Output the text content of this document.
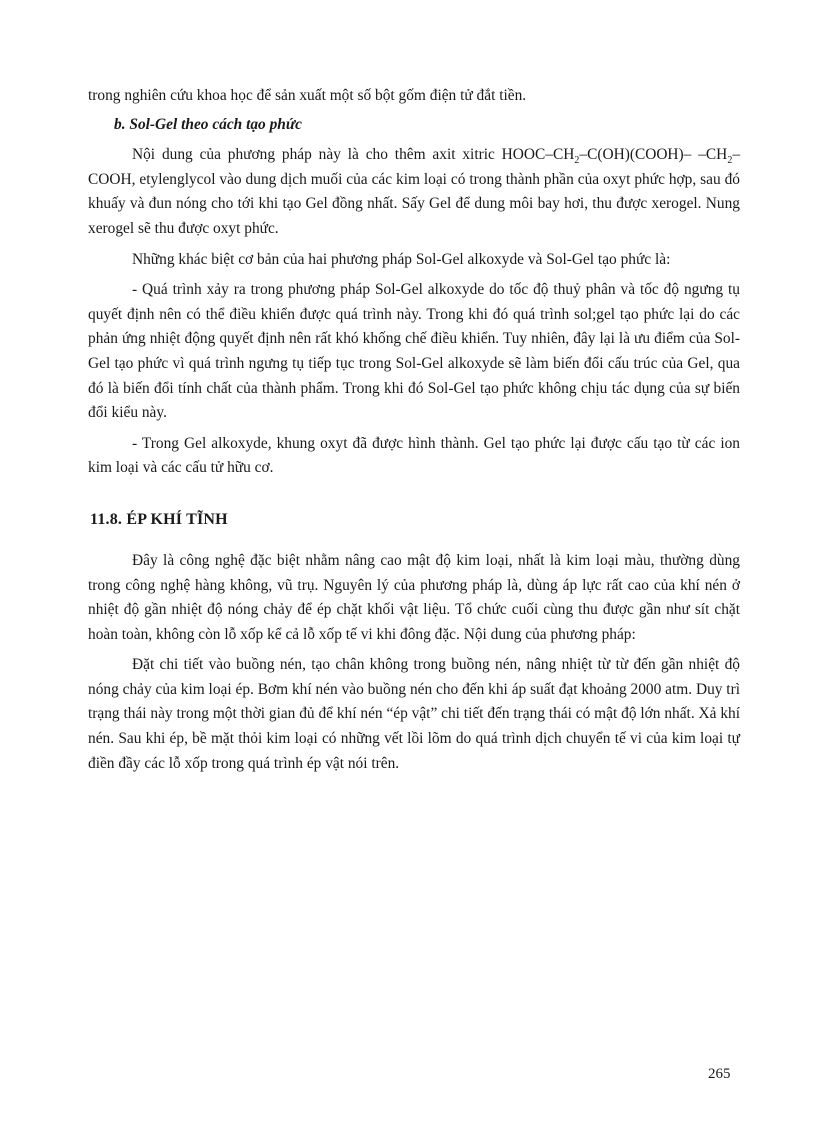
trong nghiên cứu khoa học để sản xuất một số bột gốm điện tử đắt tiền.

b. Sol-Gel theo cách tạo phức

Nội dung của phương pháp này là cho thêm axit xitric HOOC–$CH_2-C(OH)(COOH)-$ $-CH_2$–COOH, etylenglycol vào dung dịch muối của các kim loại có trong thành phần của oxyt phức hợp, sau đó khuấy và đun nóng cho tới khi tạo Gel đồng nhất. Sấy Gel để dung môi bay hơi, thu được xerogel. Nung xerogel sẽ thu được oxyt phức.

Những khác biệt cơ bản của hai phương pháp Sol-Gel alkoxyde và Sol-Gel tạo phức là:

- Quá trình xảy ra trong phương pháp Sol-Gel alkoxyde do tốc độ thuỷ phân và tốc độ ngưng tụ quyết định nên có thể điều khiển được quá trình này. Trong khi đó quá trình sol;gel tạo phức lại do các phản ứng nhiệt động quyết định nên rất khó khống chế điều khiển. Tuy nhiên, đây lại là ưu điểm của Sol-Gel tạo phức vì quá trình ngưng tụ tiếp tục trong Sol-Gel alkoxyde sẽ làm biến đổi cấu trúc của Gel, qua đó là biến đổi tính chất của thành phẩm. Trong khi đó Sol-Gel tạo phức không chịu tác dụng của sự biến đổi kiểu này.

- Trong Gel alkoxyde, khung oxyt đã được hình thành. Gel tạo phức lại được cấu tạo từ các ion kim loại và các cấu tử hữu cơ.

11.8. ÉP KHÍ TĨNH

Đây là công nghệ đặc biệt nhằm nâng cao mật độ kim loại, nhất là kim loại màu, thường dùng trong công nghệ hàng không, vũ trụ. Nguyên lý của phương pháp là, dùng áp lực rất cao của khí nén ở nhiệt độ gần nhiệt độ nóng chảy để ép chặt khối vật liệu. Tổ chức cuối cùng thu được gần như sít chặt hoàn toàn, không còn lỗ xốp kể cả lỗ xốp tế vi khi đông đặc. Nội dung của phương pháp:

Đặt chi tiết vào buồng nén, tạo chân không trong buồng nén, nâng nhiệt từ từ đến gần nhiệt độ nóng chảy của kim loại ép. Bơm khí nén vào buồng nén cho đến khi áp suất đạt khoảng 2000 atm. Duy trì trạng thái này trong một thời gian đủ để khí nén “ép vật” chi tiết đến trạng thái có mật độ lớn nhất. Xả khí nén. Sau khi ép, bề mặt thỏi kim loại có những vết lồi lõm do quá trình dịch chuyển tế vi của kim loại tự điền đầy các lỗ xốp trong quá trình ép vật nói trên.

265
